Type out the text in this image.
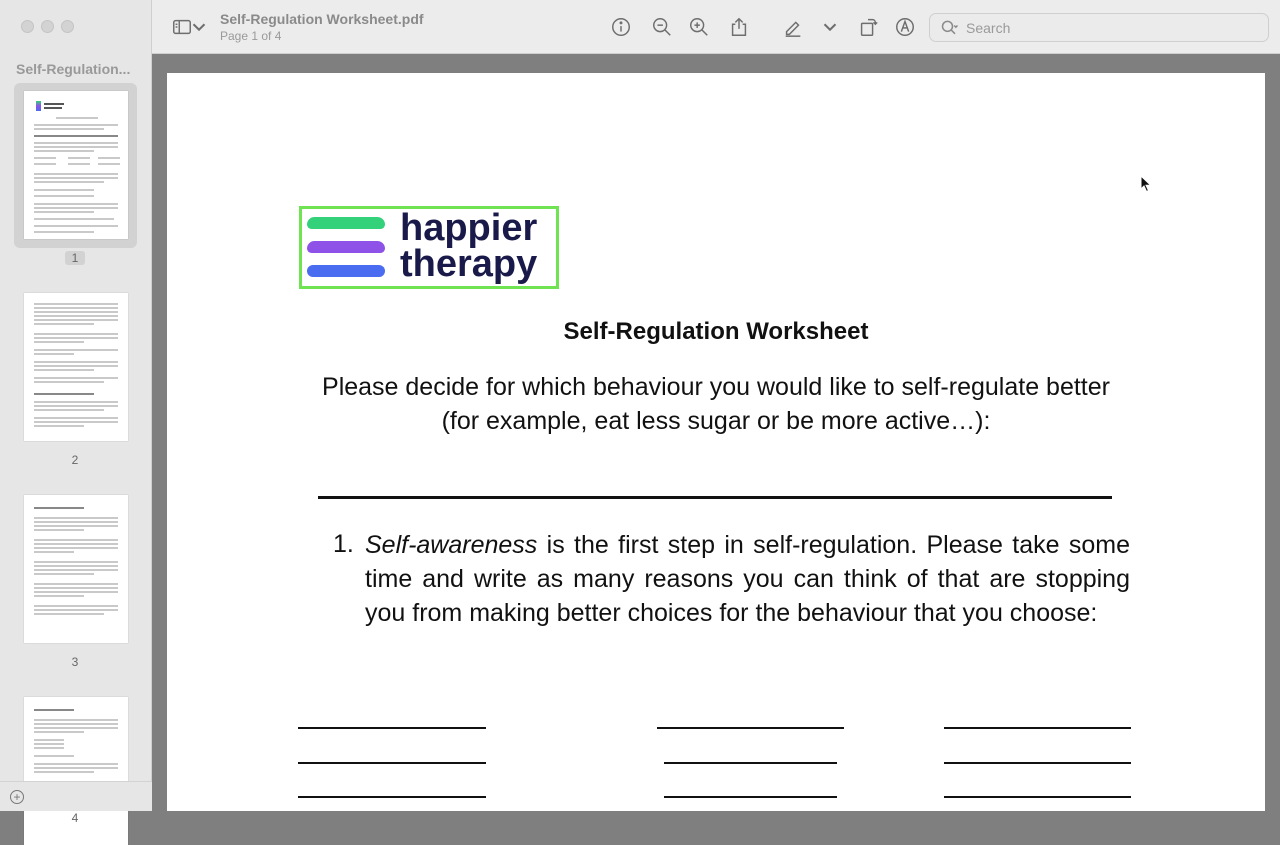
Self-Regulation...
1
2
3
4
+
Self-Regulation Worksheet.pdf
Page 1 of 4
Search
happier
therapy
Self-Regulation Worksheet
Please decide for which behaviour you would like to self-regulate better
(for example, eat less sugar or be more active…):
1. Self-awareness is the first step in self-regulation. Please take some time and write as many reasons you can think of that are stopping you from making better choices for the behaviour that you choose:
